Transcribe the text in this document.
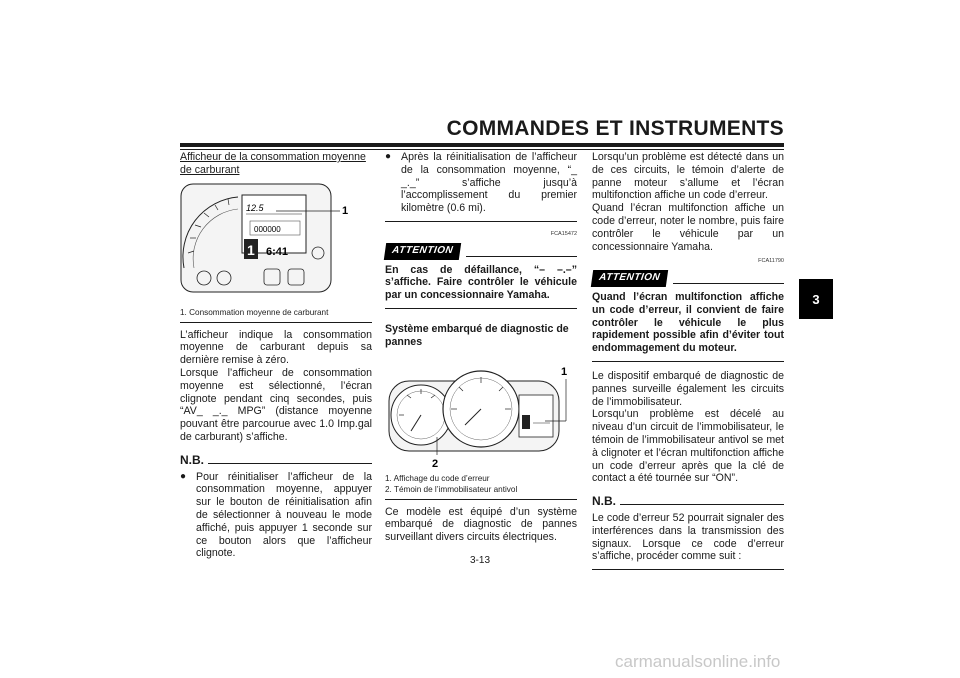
COMMANDES ET INSTRUMENTS
3

Afficheur de la consommation moyenne de carburant

12.5
000000
1 6:41
1
1. Consommation moyenne de carburant

L’afficheur indique la consommation moyenne de carburant depuis sa dernière remise à zéro.

Lorsque l’afficheur de consommation moyenne est sélectionné, l’écran clignote pendant cinq secondes, puis “AV_ _._ MPG” (distance moyenne pouvant être parcourue avec 1.0 Imp.gal de carburant) s’affiche.

N.B.
● Pour réinitialiser l’afficheur de la consommation moyenne, appuyer sur le bouton de réinitialisation afin de sélectionner à nouveau le mode affiché, puis appuyer 1 seconde sur ce bouton alors que l’afficheur clignote.
● Après la réinitialisation de l’afficheur de la consommation moyenne, “_ _._” s’affiche jusqu’à l’accomplissement du premier kilomètre (0.6 mi).
FCA15472
ATTENTION

En cas de défaillance, “– –.–” s’affiche. Faire contrôler le véhicule par un concessionnaire Yamaha.

Système embarqué de diagnostic de pannes

1
2
1. Affichage du code d’erreur
2. Témoin de l’immobilisateur antivol

Ce modèle est équipé d’un système embarqué de diagnostic de pannes surveillant divers circuits électriques.

Lorsqu’un problème est détecté dans un de ces circuits, le témoin d’alerte de panne moteur s’allume et l’écran multifonction affiche un code d’erreur.

Quand l’écran multifonction affiche un code d’erreur, noter le nombre, puis faire contrôler le véhicule par un concessionnaire Yamaha.

FCA11790
ATTENTION

Quand l’écran multifonction affiche un code d’erreur, il convient de faire contrôler le véhicule le plus rapidement possible afin d’éviter tout endommagement du moteur.

Le dispositif embarqué de diagnostic de pannes surveille également les circuits de l’immobilisateur.

Lorsqu’un problème est décelé au niveau d’un circuit de l’immobilisateur, le témoin de l’immobilisateur antivol se met à clignoter et l’écran multifonction affiche un code d’erreur après que la clé de contact a été tournée sur “ON”.

N.B.

Le code d’erreur 52 pourrait signaler des interférences dans la transmission des signaux. Lorsque ce code d’erreur s’affiche, procéder comme suit :

3-13
carmanualsonline.info
